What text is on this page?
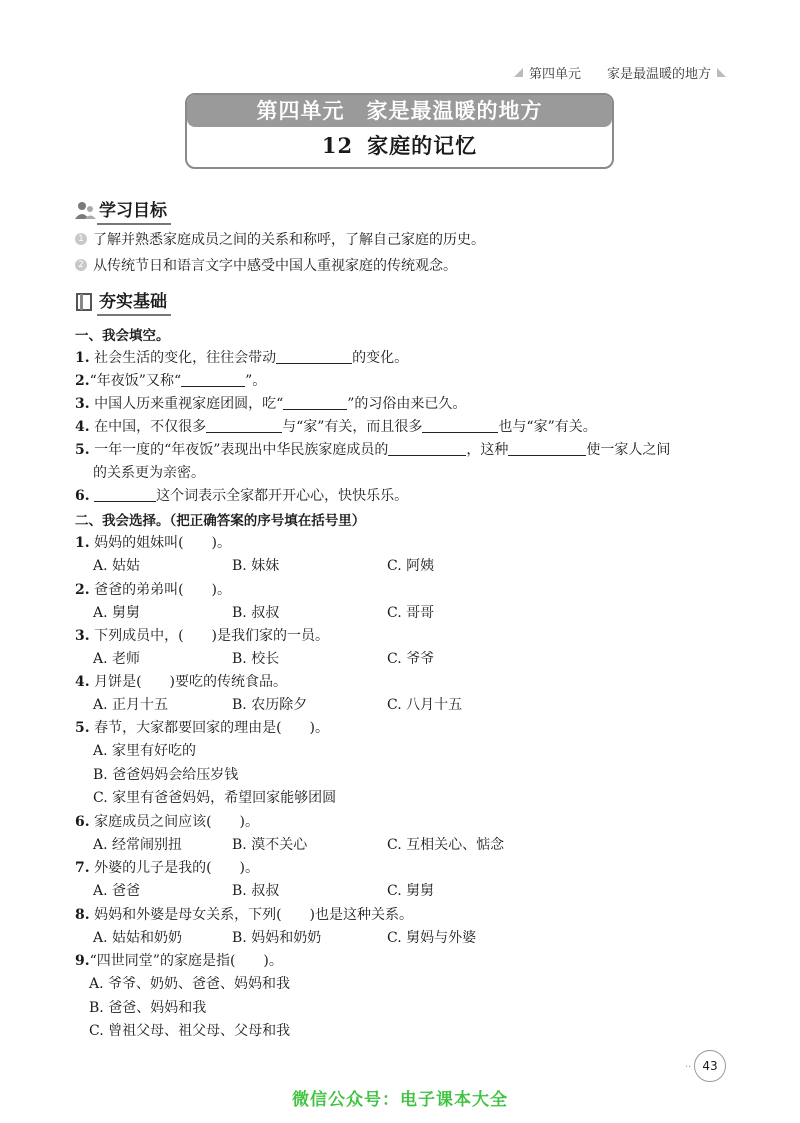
第四单元 家是最温暖的地方
第四单元　家是最温暖的地方
12 家庭的记忆
学习目标
1 了解并熟悉家庭成员之间的关系和称呼，了解自己家庭的历史。
2 从传统节日和语言文字中感受中国人重视家庭的传统观念。
夯实基础
一、我会填空。
1. 社会生活的变化，往往会带动	的变化。
2.“年夜饭”又称“	”。
3. 中国人历来重视家庭团圆，吃“	”的习俗由来已久。
4. 在中国，不仅很多	与“家”有关，而且很多	也与“家”有关。
5. 一年一度的“年夜饭”表现出中华民族家庭成员的	，这种	使一家人之间
的关系更为亲密。
6.	这个词表示全家都开开心心，快快乐乐。
二、我会选择。（把正确答案的序号填在括号里）
1. 妈妈的姐妹叫(　　)。
A. 姑姑	B. 妹妹	C. 阿姨
2. 爸爸的弟弟叫(　　)。
A. 舅舅	B. 叔叔	C. 哥哥
3. 下列成员中，(　　)是我们家的一员。
A. 老师	B. 校长	C. 爷爷
4. 月饼是(　　)要吃的传统食品。
A. 正月十五	B. 农历除夕	C. 八月十五
5. 春节，大家都要回家的理由是(　　)。
A. 家里有好吃的
B. 爸爸妈妈会给压岁钱
C. 家里有爸爸妈妈，希望回家能够团圆
6. 家庭成员之间应该(　　)。
A. 经常闹别扭	B. 漠不关心	C. 互相关心、惦念
7. 外婆的儿子是我的(　　)。
A. 爸爸	B. 叔叔	C. 舅舅
8. 妈妈和外婆是母女关系，下列(　　)也是这种关系。
A. 姑姑和奶奶	B. 妈妈和奶奶	C. 舅妈与外婆
9.“四世同堂”的家庭是指(　　)。
A. 爷爷、奶奶、爸爸、妈妈和我
B. 爸爸、妈妈和我
C. 曾祖父母、祖父母、父母和我
·· 43
微信公众号：电子课本大全
